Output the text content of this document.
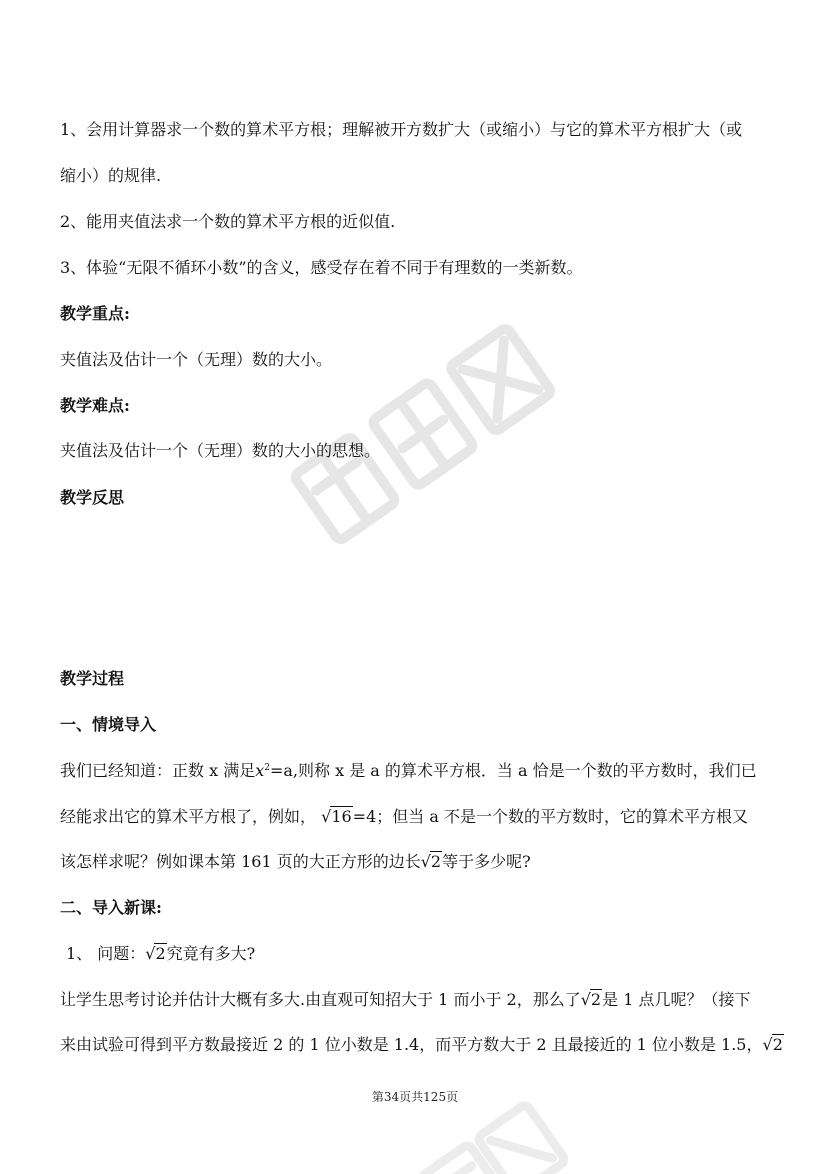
1、会用计算器求一个数的算术平方根；理解被开方数扩大（或缩小）与它的算术平方根扩大（或
缩小）的规律.
2、能用夹值法求一个数的算术平方根的近似值.
3、体验“无限不循环小数”的含义，感受存在着不同于有理数的一类新数。
教学重点:
夹值法及估计一个（无理）数的大小。
教学难点:
夹值法及估计一个（无理）数的大小的思想。
教学反思
教学过程
一、情境导入
我们已经知道：正数 x 满足$x^2=a$,则称 x 是 a 的算术平方根．当 a 恰是一个数的平方数时，我们已
经能求出它的算术平方根了，例如， √16=4；但当 a 不是一个数的平方数时，它的算术平方根又
该怎样求呢？例如课本第 161 页的大正方形的边长√2等于多少呢?
二、导入新课:
1、 问题：√2究竟有多大?
让学生思考讨论并估计大概有多大.由直观可知招大于 1 而小于 2，那么了√2是 1 点几呢？（接下
来由试验可得到平方数最接近 2 的 1 位小数是 1.4，而平方数大于 2 且最接近的 1 位小数是 1.5，√2
第34页共125页
